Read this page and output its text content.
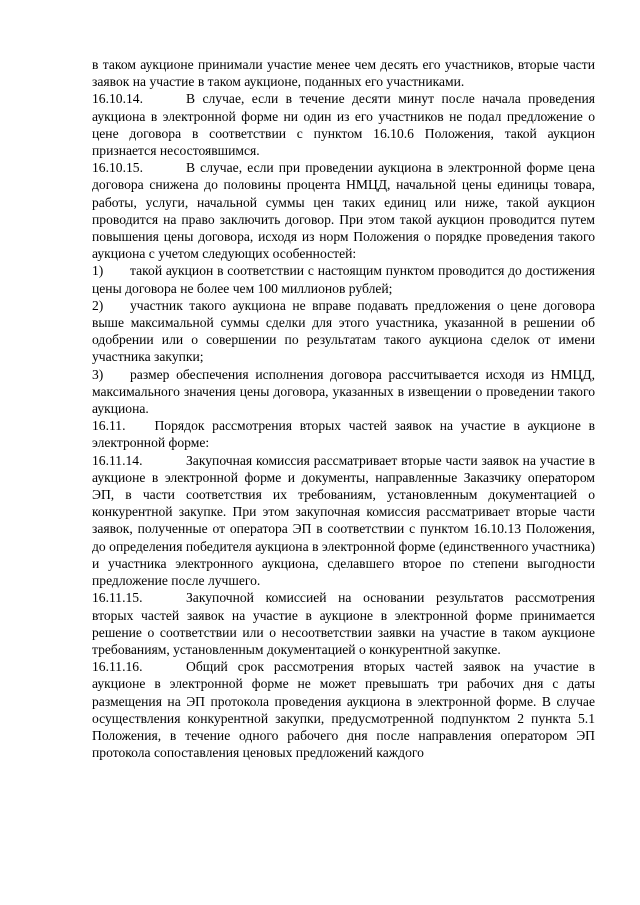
в таком аукционе принимали участие менее чем десять его участников, вторые части заявок на участие в таком аукционе, поданных его участниками.

16.10.14.	В случае, если в течение десяти минут после начала проведения аукциона в электронной форме ни один из его участников не подал предложение о цене договора в соответствии с пунктом 16.10.6 Положения, такой аукцион признается несостоявшимся.

16.10.15.	В случае, если при проведении аукциона в электронной форме цена договора снижена до половины процента НМЦД, начальной цены единицы товара, работы, услуги, начальной суммы цен таких единиц или ниже, такой аукцион проводится на право заключить договор. При этом такой аукцион проводится путем повышения цены договора, исходя из норм Положения о порядке проведения такого аукциона с учетом следующих особенностей:

1) такой аукцион в соответствии с настоящим пунктом проводится до достижения цены договора не более чем 100 миллионов рублей;

2) участник такого аукциона не вправе подавать предложения о цене договора выше максимальной суммы сделки для этого участника, указанной в решении об одобрении или о совершении по результатам такого аукциона сделок от имени участника закупки;

3) размер обеспечения исполнения договора рассчитывается исходя из НМЦД, максимального значения цены договора, указанных в извещении о проведении такого аукциона.

16.11. Порядок рассмотрения вторых частей заявок на участие в аукционе в электронной форме:

16.11.14.	Закупочная комиссия рассматривает вторые части заявок на участие в аукционе в электронной форме и документы, направленные Заказчику оператором ЭП, в части соответствия их требованиям, установленным документацией о конкурентной закупке. При этом закупочная комиссия рассматривает вторые части заявок, полученные от оператора ЭП в соответствии с пунктом 16.10.13 Положения, до определения победителя аукциона в электронной форме (единственного участника) и участника электронного аукциона, сделавшего второе по степени выгодности предложение после лучшего.

16.11.15.	Закупочной комиссией на основании результатов рассмотрения вторых частей заявок на участие в аукционе в электронной форме принимается решение о соответствии или о несоответствии заявки на участие в таком аукционе требованиям, установленным документацией о конкурентной закупке.

16.11.16.	Общий срок рассмотрения вторых частей заявок на участие в аукционе в электронной форме не может превышать три рабочих дня с даты размещения на ЭП протокола проведения аукциона в электронной форме. В случае осуществления конкурентной закупки, предусмотренной подпунктом 2 пункта 5.1 Положения, в течение одного рабочего дня после направления оператором ЭП протокола сопоставления ценовых предложений каждого
